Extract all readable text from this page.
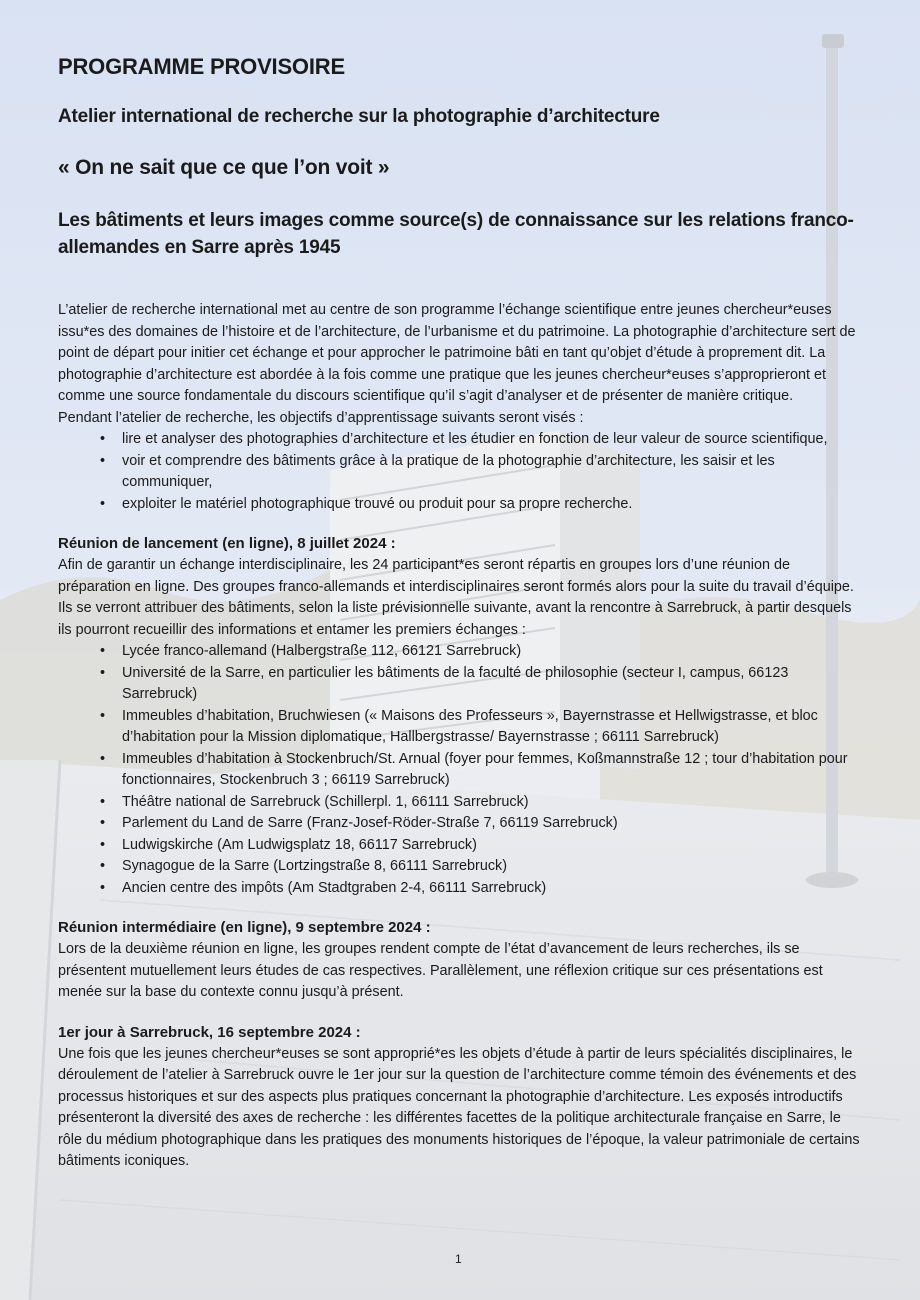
PROGRAMME PROVISOIRE
Atelier international de recherche sur la photographie d’architecture
« On ne sait que ce que l’on voit »
Les bâtiments et leurs images comme source(s) de connaissance sur les relations franco-allemandes en Sarre après 1945

L’atelier de recherche international met au centre de son programme l’échange scientifique entre jeunes chercheur*euses issu*es des domaines de l’histoire et de l’architecture, de l’urbanisme et du patrimoine. La photographie d’architecture sert de point de départ pour initier cet échange et pour approcher le patrimoine bâti en tant qu’objet d’étude à proprement dit. La photographie d’architecture est abordée à la fois comme une pratique que les jeunes chercheur*euses s’approprieront et comme une source fondamentale du discours scientifique qu’il s’agit d’analyser et de présenter de manière critique.

Pendant l’atelier de recherche, les objectifs d’apprentissage suivants seront visés :

• lire et analyser des photographies d’architecture et les étudier en fonction de leur valeur de source scientifique,
• voir et comprendre des bâtiments grâce à la pratique de la photographie d’architecture, les saisir et les communiquer,
• exploiter le matériel photographique trouvé ou produit pour sa propre recherche.
Réunion de lancement (en ligne), 8 juillet 2024 :

Afin de garantir un échange interdisciplinaire, les 24 participant*es seront répartis en groupes lors d’une réunion de préparation en ligne. Des groupes franco-allemands et interdisciplinaires seront formés alors pour la suite du travail d’équipe. Ils se verront attribuer des bâtiments, selon la liste prévisionnelle suivante, avant la rencontre à Sarrebruck, à partir desquels ils pourront recueillir des informations et entamer les premiers échanges :

• Lycée franco-allemand (Halbergstraße 112, 66121 Sarrebruck)
• Université de la Sarre, en particulier les bâtiments de la faculté de philosophie (secteur I, campus, 66123 Sarrebruck)
• Immeubles d’habitation, Bruchwiesen (« Maisons des Professeurs », Bayernstrasse et Hellwigstrasse, et bloc d’habitation pour la Mission diplomatique, Hallbergstrasse/ Bayernstrasse ; 66111 Sarrebruck)
• Immeubles d’habitation à Stockenbruch/St. Arnual (foyer pour femmes, Koßmannstraße 12 ; tour d’habitation pour fonctionnaires, Stockenbruch 3 ; 66119 Sarrebruck)
• Théâtre national de Sarrebruck (Schillerpl. 1, 66111 Sarrebruck)
• Parlement du Land de Sarre (Franz-Josef-Röder-Straße 7, 66119 Sarrebruck)
• Ludwigskirche (Am Ludwigsplatz 18, 66117 Sarrebruck)
• Synagogue de la Sarre (Lortzingstraße 8, 66111 Sarrebruck)
• Ancien centre des impôts (Am Stadtgraben 2-4, 66111 Sarrebruck)
Réunion intermédiaire (en ligne), 9 septembre 2024 :

Lors de la deuxième réunion en ligne, les groupes rendent compte de l’état d’avancement de leurs recherches, ils se présentent mutuellement leurs études de cas respectives. Parallèlement, une réflexion critique sur ces présentations est menée sur la base du contexte connu jusqu’à présent.

1er jour à Sarrebruck, 16 septembre 2024 :

Une fois que les jeunes chercheur*euses se sont approprié*es les objets d’étude à partir de leurs spécialités disciplinaires, le déroulement de l’atelier à Sarrebruck ouvre le 1er jour sur la question de l’architecture comme témoin des événements et des processus historiques et sur des aspects plus pratiques concernant la photographie d’architecture. Les exposés introductifs présenteront la diversité des axes de recherche : les différentes facettes de la politique architecturale française en Sarre, le rôle du médium photographique dans les pratiques des monuments historiques de l’époque, la valeur patrimoniale de certains bâtiments iconiques.

1
